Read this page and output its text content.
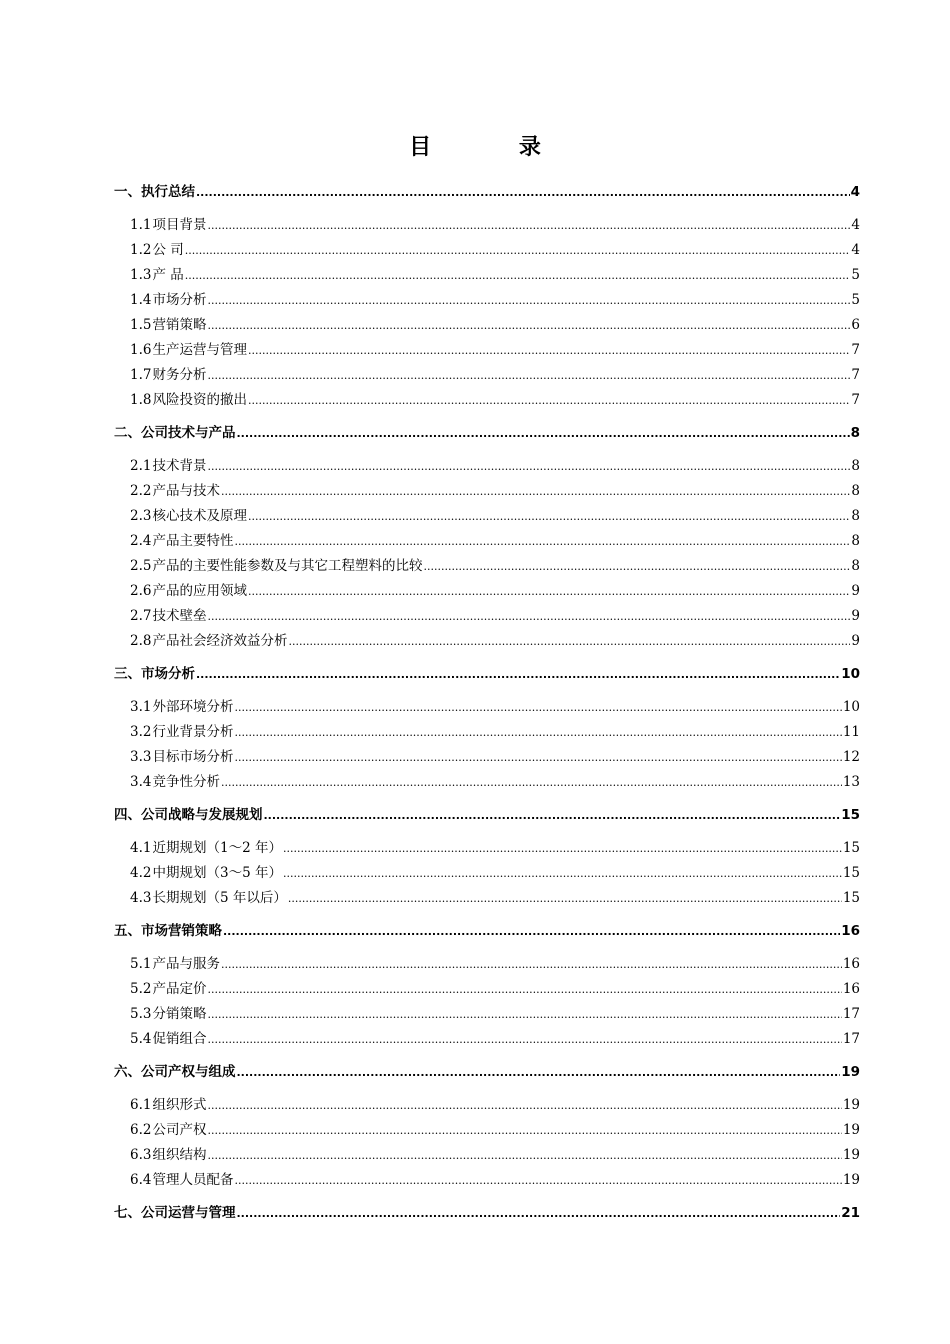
目 录
一、执行总结 .....	4
1.1项目背景 .....	4
1.2公 司 .....	4
1.3产 品 .....	5
1.4市场分析 .....	5
1.5营销策略 .....	6
1.6生产运营与管理 .....	7
1.7财务分析 .....	7
1.8风险投资的撤出 .....	7
二、公司技术与产品 .....	8
2.1技术背景 .....	8
2.2产品与技术 .....	8
2.3核心技术及原理 .....	8
2.4产品主要特性 .....	8
2.5产品的主要性能参数及与其它工程塑料的比较 .....	8
2.6产品的应用领域 .....	9
2.7技术壁垒 .....	9
2.8产品社会经济效益分析 .....	9
三、市场分析 .....	10
3.1外部环境分析 .....	10
3.2行业背景分析 .....	11
3.3目标市场分析 .....	12
3.4竞争性分析 .....	13
四、公司战略与发展规划 .....	15
4.1近期规划（1～2 年） .....	15
4.2中期规划（3～5 年） .....	15
4.3长期规划（5 年以后） .....	15
五、市场营销策略 .....	16
5.1产品与服务 .....	16
5.2产品定价 .....	16
5.3分销策略 .....	17
5.4促销组合 .....	17
六、公司产权与组成 .....	19
6.1组织形式 .....	19
6.2公司产权 .....	19
6.3组织结构 .....	19
6.4管理人员配备 .....	19
七、公司运营与管理 .....	21
